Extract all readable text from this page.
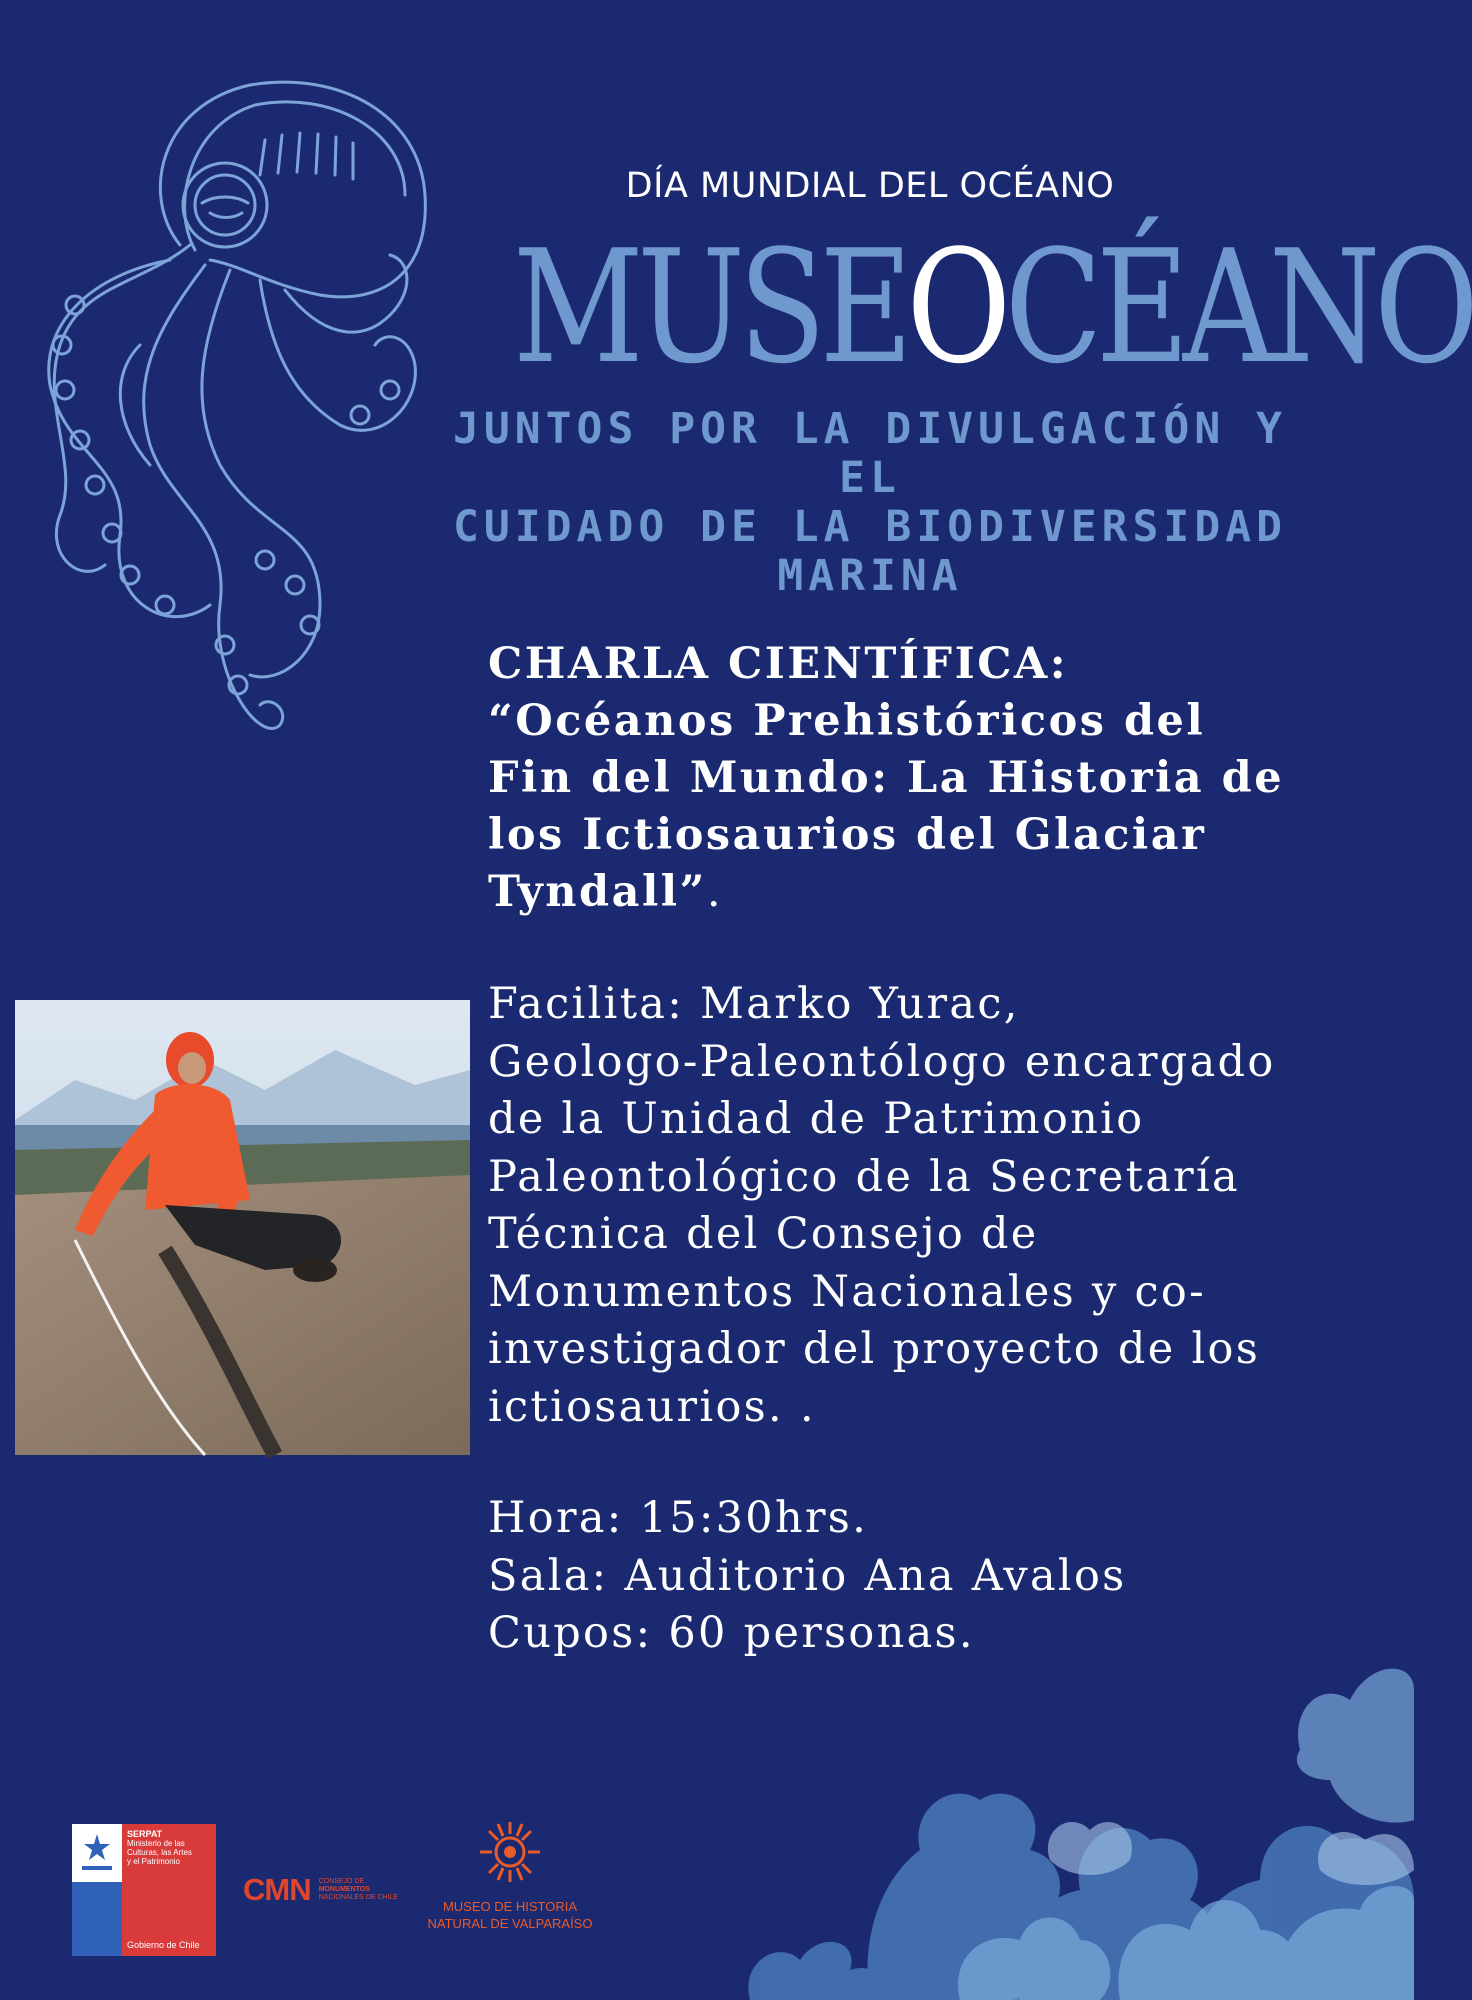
DÍA MUNDIAL DEL OCÉANO
MUSEOCÉANO
JUNTOS POR LA DIVULGACIÓN Y EL
CUIDADO DE LA BIODIVERSIDAD
MARINA
CHARLA CIENTÍFICA:
“Océanos Prehistóricos del
Fin del Mundo: La Historia de
los Ictiosaurios del Glaciar
Tyndall”.
Facilita: Marko Yurac,
Geologo-Paleontólogo encargado
de la Unidad de Patrimonio
Paleontológico de la Secretaría
Técnica del Consejo de
Monumentos Nacionales y co-
investigador del proyecto de los
ictiosaurios. .
Hora: 15:30hrs.
Sala: Auditorio Ana Avalos
Cupos: 60 personas.
SERPAT
Ministerio de las
Culturas, las Artes
y el Patrimonio
Gobierno de Chile
CMN CONSEJO DE
MONUMENTOS
NACIONALES DE CHILE
MUSEO DE HISTORIA
NATURAL DE VALPARAÍSO
